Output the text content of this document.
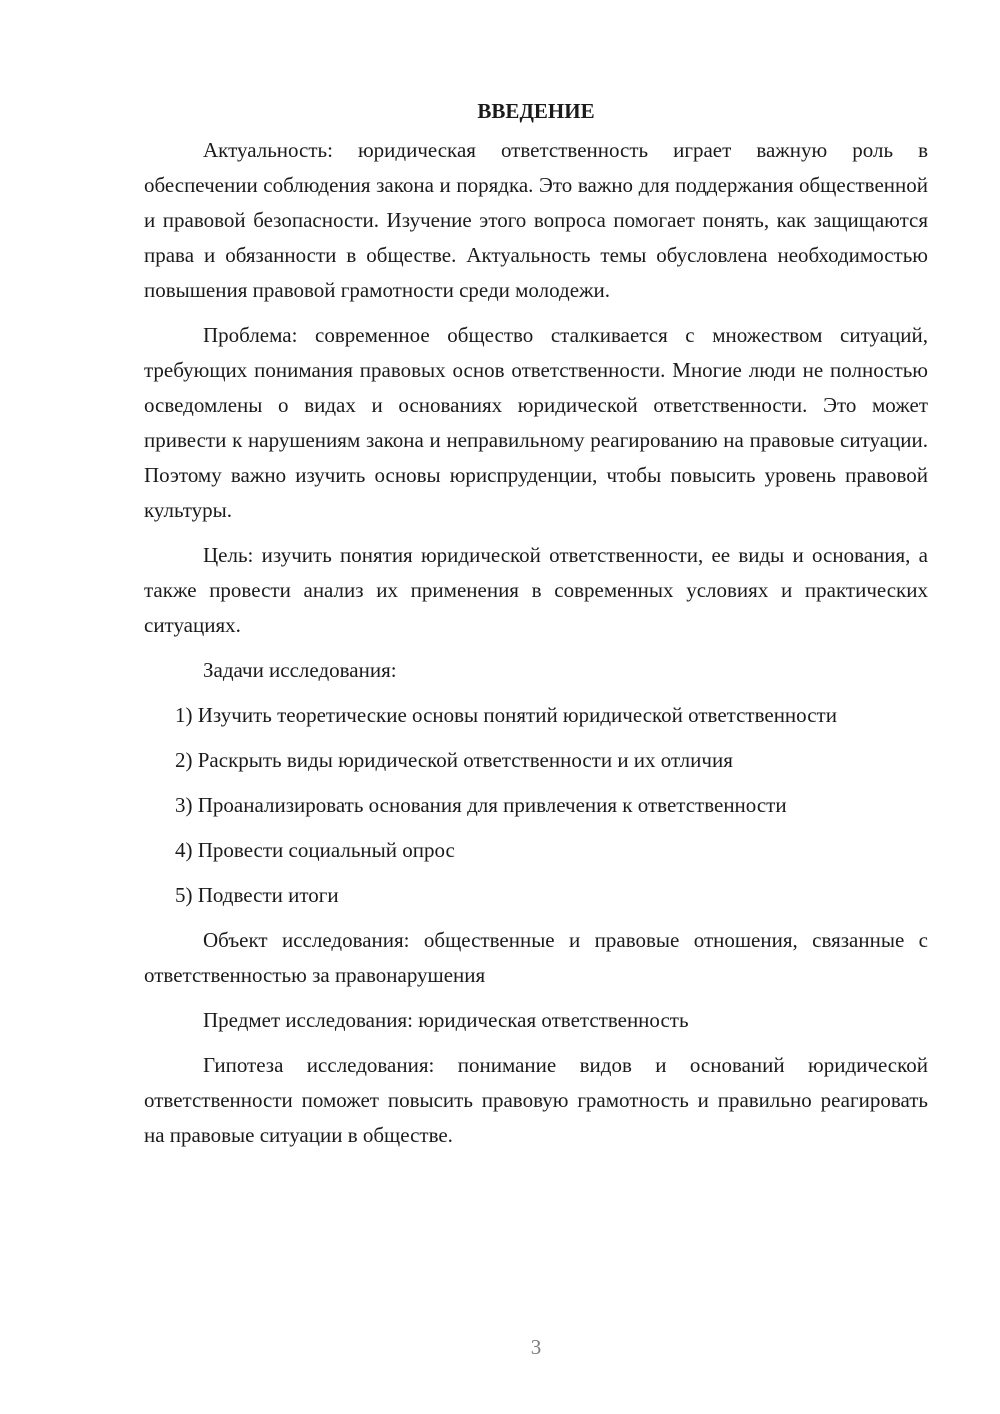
ВВЕДЕНИЕ

Актуальность: юридическая ответственность играет важную роль в обеспечении соблюдения закона и порядка. Это важно для поддержания общественной и правовой безопасности. Изучение этого вопроса помогает понять, как защищаются права и обязанности в обществе. Актуальность темы обусловлена необходимостью повышения правовой грамотности среди молодежи.

Проблема: современное общество сталкивается с множеством ситуаций, требующих понимания правовых основ ответственности. Многие люди не полностью осведомлены о видах и основаниях юридической ответственности. Это может привести к нарушениям закона и неправильному реагированию на правовые ситуации. Поэтому важно изучить основы юриспруденции, чтобы повысить уровень правовой культуры.

Цель: изучить понятия юридической ответственности, ее виды и основания, а также провести анализ их применения в современных условиях и практических ситуациях.

Задачи исследования:

1) Изучить теоретические основы понятий юридической ответственности

2) Раскрыть виды юридической ответственности и их отличия

3) Проанализировать основания для привлечения к ответственности

4) Провести социальный опрос

5) Подвести итоги

Объект исследования: общественные и правовые отношения, связанные с ответственностью за правонарушения

Предмет исследования: юридическая ответственность

Гипотеза исследования: понимание видов и оснований юридической ответственности поможет повысить правовую грамотность и правильно реагировать на правовые ситуации в обществе.

3
